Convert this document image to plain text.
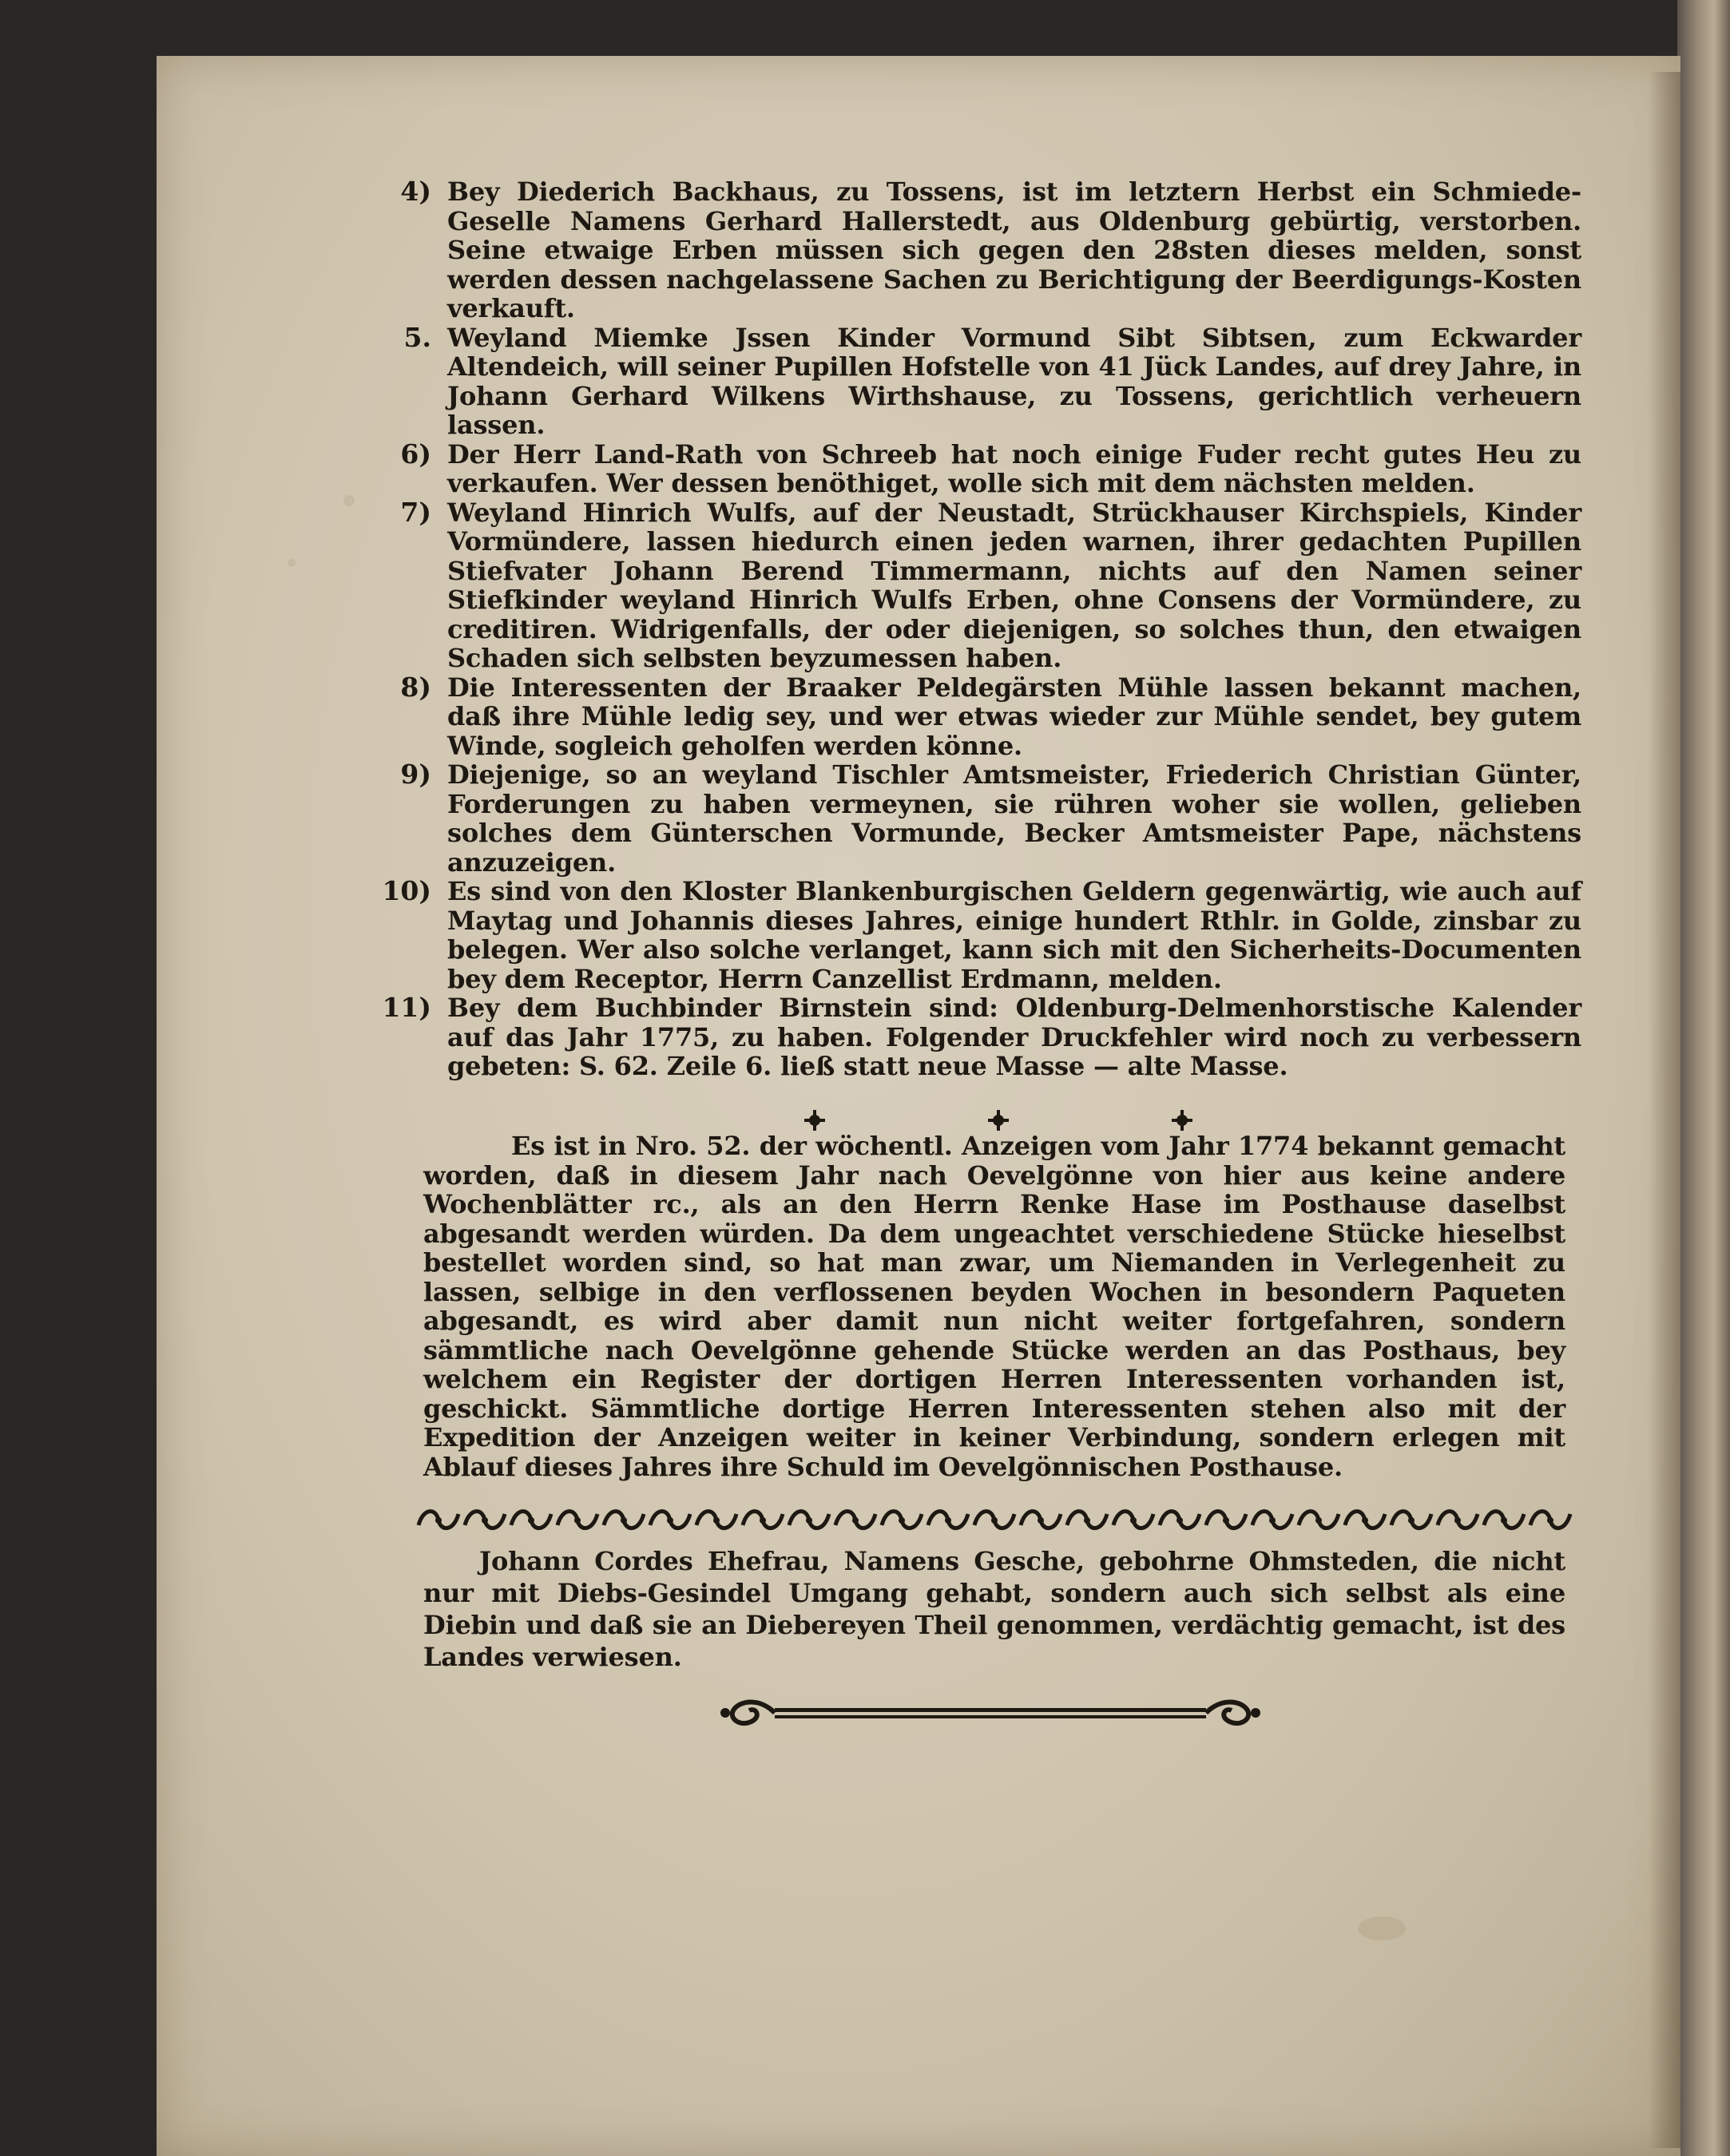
4) Bey Diederich Backhaus, zu Tossens, ist im letztern Herbst ein Schmiede-Geselle Namens Gerhard Hallerstedt, aus Oldenburg gebürtig, verstorben. Seine etwaige Erben müssen sich gegen den 28sten dieses melden, sonst werden dessen nachgelassene Sachen zu Berichtigung der Beerdigungs-Kosten verkauft.

5. Weyland Miemke Jssen Kinder Vormund Sibt Sibtsen, zum Eckwarder Altendeich, will seiner Pupillen Hofstelle von 41 Jück Landes, auf drey Jahre, in Johann Gerhard Wilkens Wirthshause, zu Tossens, gerichtlich verheuern lassen.

6) Der Herr Land-Rath von Schreeb hat noch einige Fuder recht gutes Heu zu verkaufen. Wer dessen benöthiget, wolle sich mit dem nächsten melden.

7) Weyland Hinrich Wulfs, auf der Neustadt, Strückhauser Kirchspiels, Kinder Vormündere, lassen hiedurch einen jeden warnen, ihrer gedachten Pupillen Stiefvater Johann Berend Timmermann, nichts auf den Namen seiner Stiefkinder weyland Hinrich Wulfs Erben, ohne Consens der Vormündere, zu creditiren. Widrigenfalls, der oder diejenigen, so solches thun, den etwaigen Schaden sich selbsten beyzumessen haben.

8) Die Interessenten der Braaker Peldegärsten Mühle lassen bekannt machen, daß ihre Mühle ledig sey, und wer etwas wieder zur Mühle sendet, bey gutem Winde, sogleich geholfen werden könne.

9) Diejenige, so an weyland Tischler Amtsmeister, Friederich Christian Günter, Forderungen zu haben vermeynen, sie rühren woher sie wollen, gelieben solches dem Günterschen Vormunde, Becker Amtsmeister Pape, nächstens anzuzeigen.

10) Es sind von den Kloster Blankenburgischen Geldern gegenwärtig, wie auch auf Maytag und Johannis dieses Jahres, einige hundert Rthlr. in Golde, zinsbar zu belegen. Wer also solche verlanget, kann sich mit den Sicherheits-Documenten bey dem Receptor, Herrn Canzellist Erdmann, melden.

11) Bey dem Buchbinder Birnstein sind: Oldenburg-Delmenhorstische Kalender auf das Jahr 1775, zu haben. Folgender Druckfehler wird noch zu verbessern gebeten: S. 62. Zeile 6. ließ statt neue Masse — alte Masse.

Es ist in Nro. 52. der wöchentl. Anzeigen vom Jahr 1774 bekannt gemacht worden, daß in diesem Jahr nach Oevelgönne von hier aus keine andere Wochenblätter rc., als an den Herrn Renke Hase im Posthause daselbst abgesandt werden würden. Da dem ungeachtet verschiedene Stücke hieselbst bestellet worden sind, so hat man zwar, um Niemanden in Verlegenheit zu lassen, selbige in den verflossenen beyden Wochen in besondern Paqueten abgesandt, es wird aber damit nun nicht weiter fortgefahren, sondern sämmtliche nach Oevelgönne gehende Stücke werden an das Posthaus, bey welchem ein Register der dortigen Herren Interessenten vorhanden ist, geschickt. Sämmtliche dortige Herren Interessenten stehen also mit der Expedition der Anzeigen weiter in keiner Verbindung, sondern erlegen mit Ablauf dieses Jahres ihre Schuld im Oevelgönnischen Posthause.

Johann Cordes Ehefrau, Namens Gesche, gebohrne Ohmsteden, die nicht nur mit Diebs-Gesindel Umgang gehabt, sondern auch sich selbst als eine Diebin und daß sie an Diebereyen Theil genommen, verdächtig gemacht, ist des Landes verwiesen.
